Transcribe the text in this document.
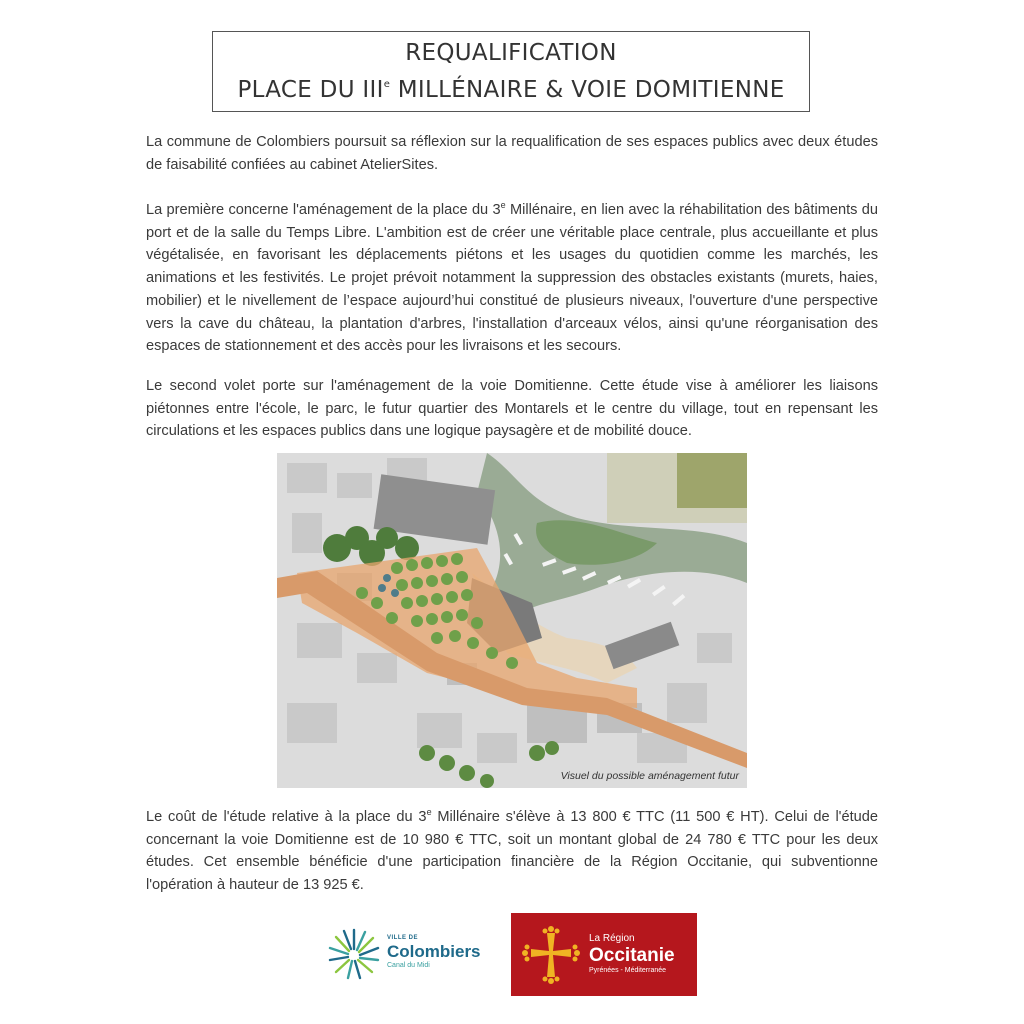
REQUALIFICATION
PLACE DU IIIe MILLÉNAIRE & VOIE DOMITIENNE

La commune de Colombiers poursuit sa réflexion sur la requalification de ses espaces publics avec deux études de faisabilité confiées au cabinet AtelierSites.

La première concerne l'aménagement de la place du 3e Millénaire, en lien avec la réhabilitation des bâtiments du port et de la salle du Temps Libre. L'ambition est de créer une véritable place centrale, plus accueillante et plus végétalisée, en favorisant les déplacements piétons et les usages du quotidien comme les marchés, les animations et les festivités. Le projet prévoit notamment la suppression des obstacles existants (murets, haies, mobilier) et le nivellement de l’espace aujourd’hui constitué de plusieurs niveaux, l'ouverture d'une perspective vers la cave du château, la plantation d'arbres, l'installation d'arceaux vélos, ainsi qu'une réorganisation des espaces de stationnement et des accès pour les livraisons et les secours.

Le second volet porte sur l'aménagement de la voie Domitienne. Cette étude vise à améliorer les liaisons piétonnes entre l'école, le parc, le futur quartier des Montarels et le centre du village, tout en repensant les circulations et les espaces publics dans une logique paysagère et de mobilité douce.

Visuel du possible aménagement futur

Le coût de l'étude relative à la place du 3e Millénaire s'élève à 13 800 € TTC (11 500 € HT). Celui de l'étude concernant la voie Domitienne est de 10 980 € TTC, soit un montant global de 24 780 € TTC pour les deux études. Cet ensemble bénéficie d'une participation financière de la Région Occitanie, qui subventionne l'opération à hauteur de 13 925 €.

VILLE DE
Colombiers
Canal du Midi
La Région
Occitanie
Pyrénées - Méditerranée
